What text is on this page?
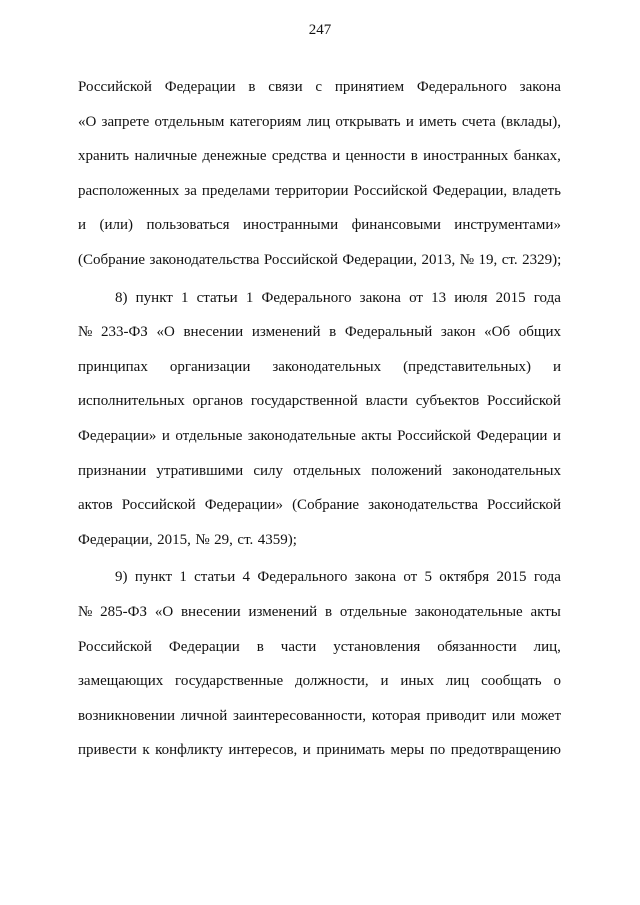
247
Российской Федерации в связи с принятием Федерального закона
«О запрете отдельным категориям лиц открывать и иметь счета (вклады),
хранить наличные денежные средства и ценности в иностранных банках,
расположенных за пределами территории Российской Федерации, владеть
и (или) пользоваться иностранными финансовыми инструментами»
(Собрание законодательства Российской Федерации, 2013, № 19, ст. 2329);
8) пункт 1 статьи 1 Федерального закона от 13 июля 2015 года
№ 233-ФЗ «О внесении изменений в Федеральный закон «Об общих
принципах организации законодательных (представительных) и
исполнительных органов государственной власти субъектов Российской
Федерации» и отдельные законодательные акты Российской Федерации и
признании утратившими силу отдельных положений законодательных
актов Российской Федерации» (Собрание законодательства Российской
Федерации, 2015, № 29, ст. 4359);
9) пункт 1 статьи 4 Федерального закона от 5 октября 2015 года
№ 285-ФЗ «О внесении изменений в отдельные законодательные акты
Российской Федерации в части установления обязанности лиц,
замещающих государственные должности, и иных лиц сообщать о
возникновении личной заинтересованности, которая приводит или может
привести к конфликту интересов, и принимать меры по предотвращению
